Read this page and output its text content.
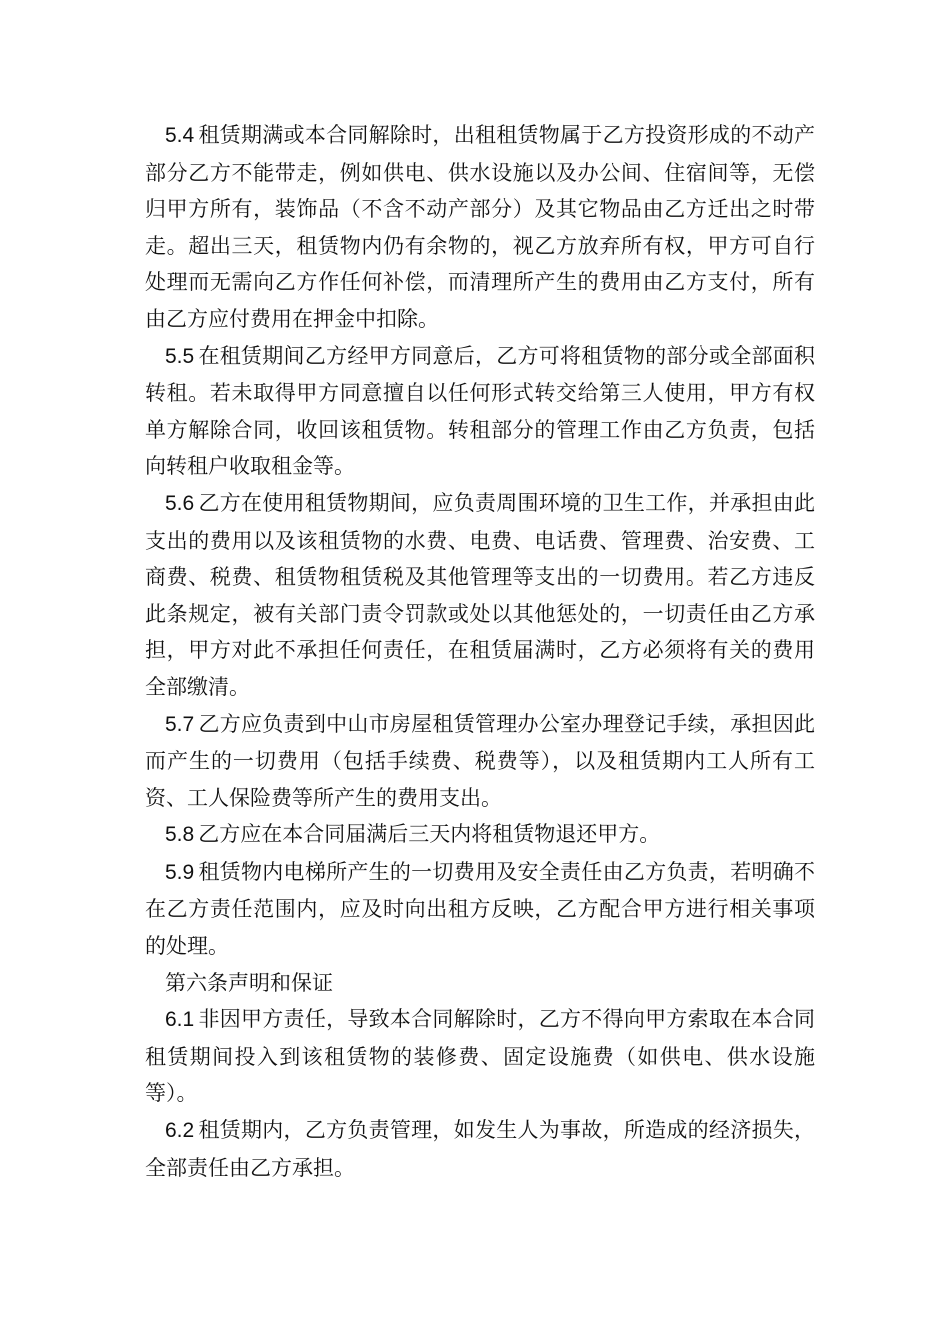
5.4 租赁期满或本合同解除时，出租租赁物属于乙方投资形成的不动产部分乙方不能带走，例如供电、供水设施以及办公间、住宿间等，无偿归甲方所有，装饰品（不含不动产部分）及其它物品由乙方迁出之时带走。超出三天，租赁物内仍有余物的，视乙方放弃所有权，甲方可自行处理而无需向乙方作任何补偿，而清理所产生的费用由乙方支付，所有由乙方应付费用在押金中扣除。

5.5 在租赁期间乙方经甲方同意后，乙方可将租赁物的部分或全部面积转租。若未取得甲方同意擅自以任何形式转交给第三人使用，甲方有权单方解除合同，收回该租赁物。转租部分的管理工作由乙方负责，包括向转租户收取租金等。

5.6 乙方在使用租赁物期间，应负责周围环境的卫生工作，并承担由此支出的费用以及该租赁物的水费、电费、电话费、管理费、治安费、工商费、税费、租赁物租赁税及其他管理等支出的一切费用。若乙方违反此条规定，被有关部门责令罚款或处以其他惩处的，一切责任由乙方承担，甲方对此不承担任何责任，在租赁届满时，乙方必须将有关的费用全部缴清。

5.7 乙方应负责到中山市房屋租赁管理办公室办理登记手续，承担因此而产生的一切费用（包括手续费、税费等），以及租赁期内工人所有工资、工人保险费等所产生的费用支出。

5.8 乙方应在本合同届满后三天内将租赁物退还甲方。

5.9 租赁物内电梯所产生的一切费用及安全责任由乙方负责，若明确不在乙方责任范围内，应及时向出租方反映，乙方配合甲方进行相关事项的处理。

第六条声明和保证

6.1 非因甲方责任，导致本合同解除时，乙方不得向甲方索取在本合同租赁期间投入到该租赁物的装修费、固定设施费（如供电、供水设施等）。

6.2 租赁期内，乙方负责管理，如发生人为事故，所造成的经济损失，全部责任由乙方承担。
